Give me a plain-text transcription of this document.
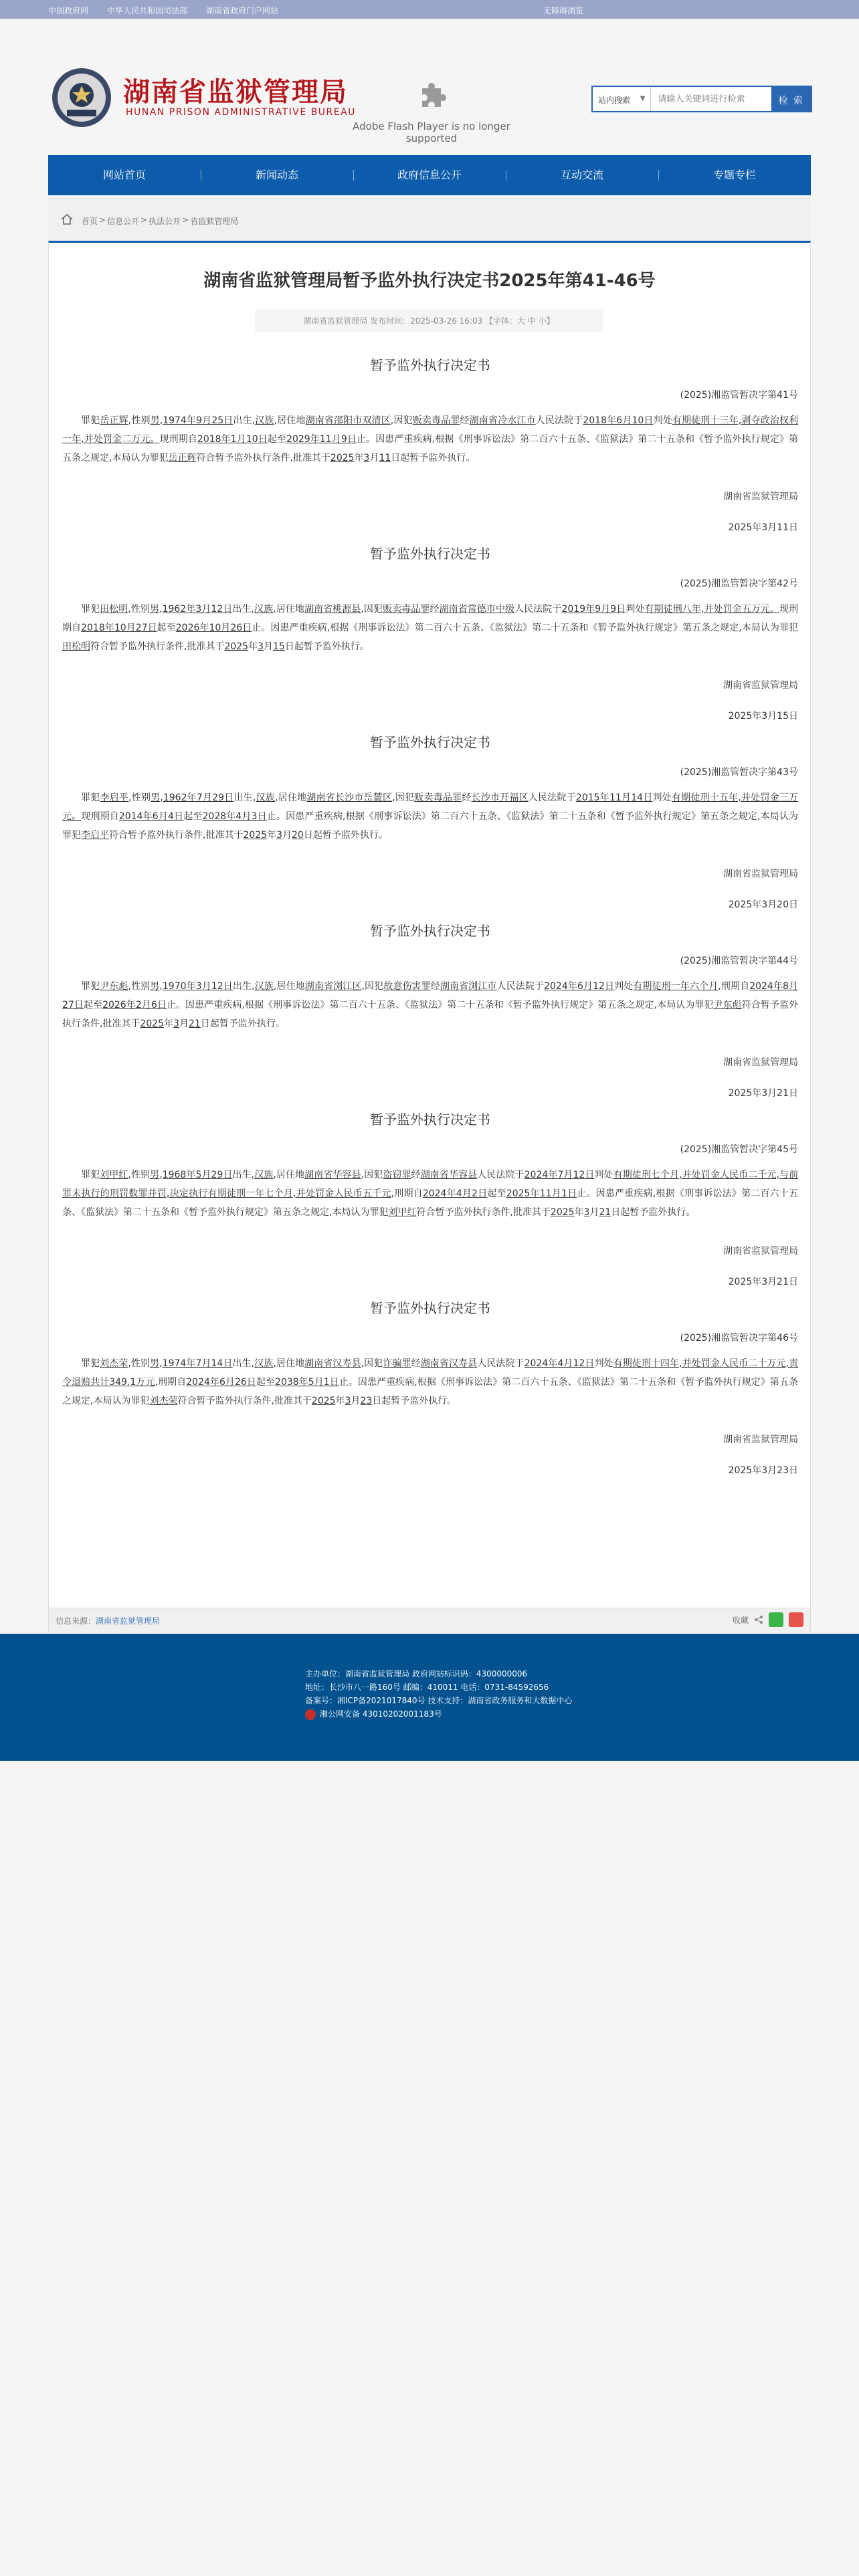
中国政府网 中华人民共和国司法部 湖南省政府门户网站	无障碍浏览
湖南省监狱管理局
HUNAN PRISON ADMINISTRATIVE BUREAU
Adobe Flash Player is no longer supported
站内搜索 ▼
请输入关键词进行检索	检 索
网站首页	新闻动态	政府信息公开	互动交流	专题专栏
首页 > 信息公开 > 执法公开 > 省监狱管理局
湖南省监狱管理局暂予监外执行决定书2025年第41-46号
湖南省监狱管理局 发布时间：2025-03-26 16:03 【字体：大 中 小】
暂予监外执行决定书
(2025)湘监管暂决字第41号

罪犯岳正辉,性别男,1974年9月25日出生,汉族,居住地湖南省邵阳市双清区,因犯贩卖毒品罪经湖南省冷水江市人民法院于2018年6月10日判处有期徒刑十三年,剥夺政治权利一年,并处罚金二万元。现刑期自2018年1月10日起至2029年11月9日止。因患严重疾病,根据《刑事诉讼法》第二百六十五条、《监狱法》第二十五条和《暂予监外执行规定》第五条之规定,本局认为罪犯岳正辉符合暂予监外执行条件,批准其于2025年3月11日起暂予监外执行。

湖南省监狱管理局
2025年3月11日
暂予监外执行决定书
(2025)湘监管暂决字第42号

罪犯田松明,性别男,1962年3月12日出生,汉族,居住地湖南省桃源县,因犯贩卖毒品罪经湖南省常德市中级人民法院于2019年9月9日判处有期徒刑八年,并处罚金五万元。现刑期自2018年10月27日起至2026年10月26日止。因患严重疾病,根据《刑事诉讼法》第二百六十五条、《监狱法》第二十五条和《暂予监外执行规定》第五条之规定,本局认为罪犯田松明符合暂予监外执行条件,批准其于2025年3月15日起暂予监外执行。

湖南省监狱管理局
2025年3月15日
暂予监外执行决定书
(2025)湘监管暂决字第43号

罪犯李启平,性别男,1962年7月29日出生,汉族,居住地湖南省长沙市岳麓区,因犯贩卖毒品罪经长沙市开福区人民法院于2015年11月14日判处有期徒刑十五年,并处罚金三万元。现刑期自2014年6月4日起至2028年4月3日止。因患严重疾病,根据《刑事诉讼法》第二百六十五条、《监狱法》第二十五条和《暂予监外执行规定》第五条之规定,本局认为罪犯李启平符合暂予监外执行条件,批准其于2025年3月20日起暂予监外执行。

湖南省监狱管理局
2025年3月20日
暂予监外执行决定书
(2025)湘监管暂决字第44号

罪犯尹东彪,性别男,1970年3月12日出生,汉族,居住地湖南省浏江区,因犯故意伤害罪经湖南省浏江市人民法院于2024年6月12日判处有期徒刑一年六个月,刑期自2024年8月27日起至2026年2月6日止。因患严重疾病,根据《刑事诉讼法》第二百六十五条、《监狱法》第二十五条和《暂予监外执行规定》第五条之规定,本局认为罪犯尹东彪符合暂予监外执行条件,批准其于2025年3月21日起暂予监外执行。

湖南省监狱管理局
2025年3月21日
暂予监外执行决定书
(2025)湘监管暂决字第45号

罪犯刘甲红,性别男,1968年5月29日出生,汉族,居住地湖南省华容县,因犯盗窃罪经湖南省华容县人民法院于2024年7月12日判处有期徒刑七个月,并处罚金人民币二千元,与前罪未执行的刑罚数罪并罚,决定执行有期徒刑一年七个月,并处罚金人民币五千元,刑期自2024年4月2日起至2025年11月1日止。因患严重疾病,根据《刑事诉讼法》第二百六十五条、《监狱法》第二十五条和《暂予监外执行规定》第五条之规定,本局认为罪犯刘甲红符合暂予监外执行条件,批准其于2025年3月21日起暂予监外执行。

湖南省监狱管理局
2025年3月21日
暂予监外执行决定书
(2025)湘监管暂决字第46号

罪犯刘杰荣,性别男,1974年7月14日出生,汉族,居住地湖南省汉寿县,因犯诈骗罪经湖南省汉寿县人民法院于2024年4月12日判处有期徒刑十四年,并处罚金人民币二十万元,责令退赔共计349.1万元,刑期自2024年6月26日起至2038年5月1日止。因患严重疾病,根据《刑事诉讼法》第二百六十五条、《监狱法》第二十五条和《暂予监外执行规定》第五条之规定,本局认为罪犯刘杰荣符合暂予监外执行条件,批准其于2025年3月23日起暂予监外执行。

湖南省监狱管理局
2025年3月23日
信息来源：湖南省监狱管理局	收藏
主办单位：湖南省监狱管理局 政府网站标识码：4300000006
地址：长沙市八一路160号 邮编：410011 电话：0731-84592656
备案号：湘ICP备2021017840号 技术支持：湖南省政务服务和大数据中心
湘公网安备 43010202001183号
